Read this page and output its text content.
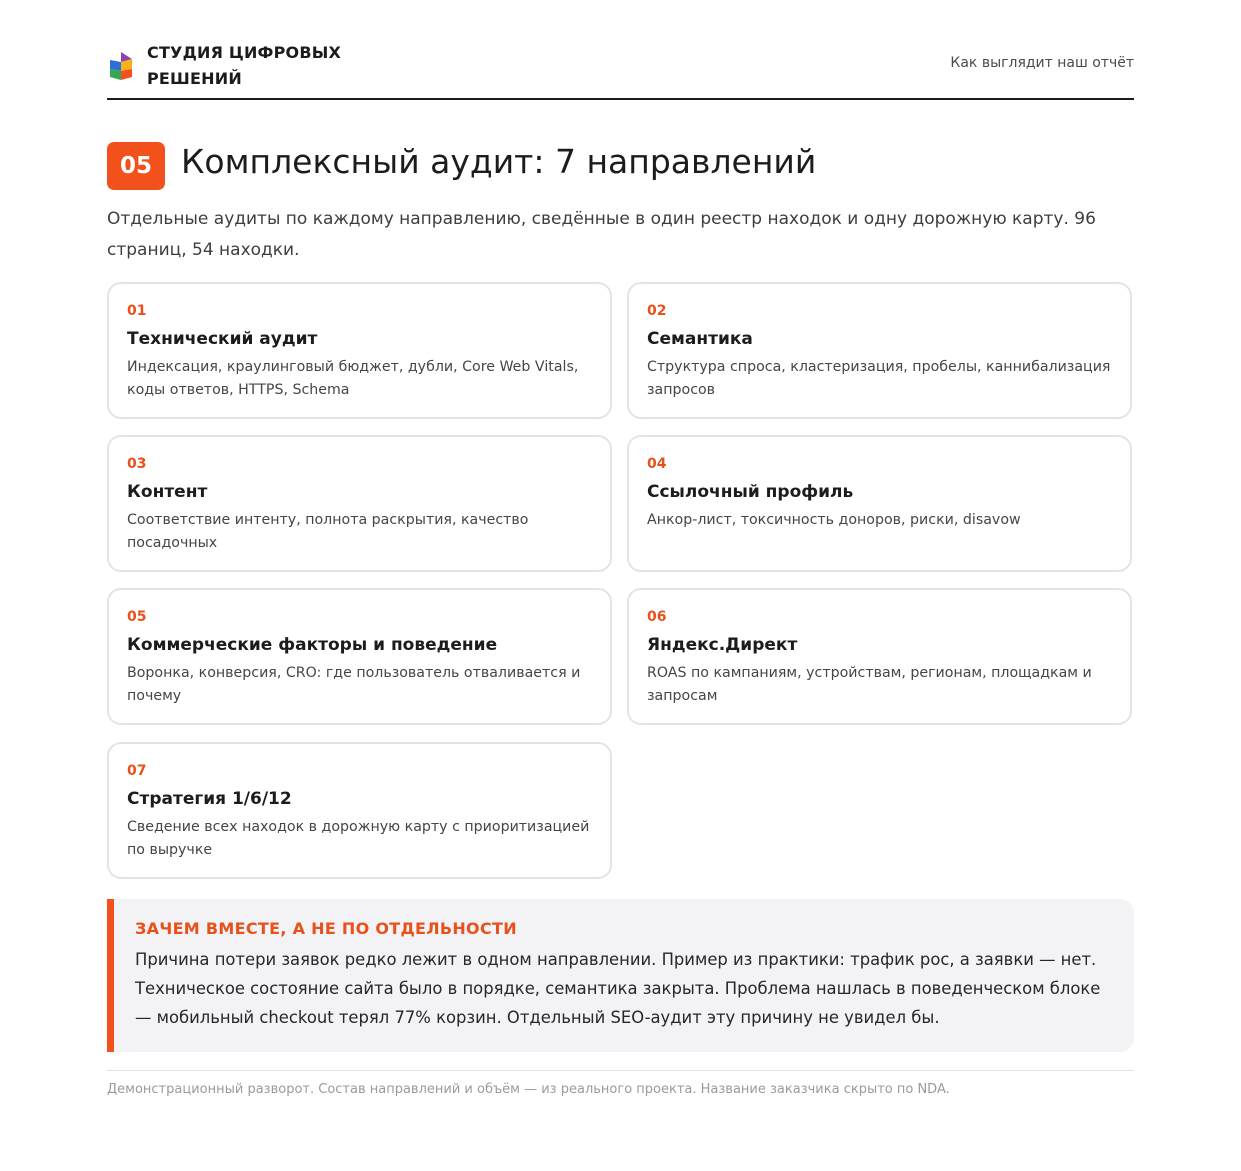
СТУДИЯ ЦИФРОВЫХ РЕШЕНИЙ
Как выглядит наш отчёт
05 Комплексный аудит: 7 направлений
Отдельные аудиты по каждому направлению, сведённые в один реестр находок и одну дорожную карту. 96 страниц, 54 находки.
01
Технический аудит
Индексация, краулинговый бюджет, дубли, Core Web Vitals, коды ответов, HTTPS, Schema
02
Семантика
Структура спроса, кластеризация, пробелы, каннибализация запросов
03
Контент
Соответствие интенту, полнота раскрытия, качество посадочных
04
Ссылочный профиль
Анкор-лист, токсичность доноров, риски, disavow
05
Коммерческие факторы и поведение
Воронка, конверсия, CRO: где пользователь отваливается и почему
06
Яндекс.Директ
ROAS по кампаниям, устройствам, регионам, площадкам и запросам
07
Стратегия 1/6/12
Сведение всех находок в дорожную карту с приоритизацией по выручке
ЗАЧЕМ ВМЕСТЕ, А НЕ ПО ОТДЕЛЬНОСТИ
Причина потери заявок редко лежит в одном направлении. Пример из практики: трафик рос, а заявки — нет. Техническое состояние сайта было в порядке, семантика закрыта. Проблема нашлась в поведенческом блоке — мобильный checkout терял 77% корзин. Отдельный SEO-аудит эту причину не увидел бы.
Демонстрационный разворот. Состав направлений и объём — из реального проекта. Название заказчика скрыто по NDA.
